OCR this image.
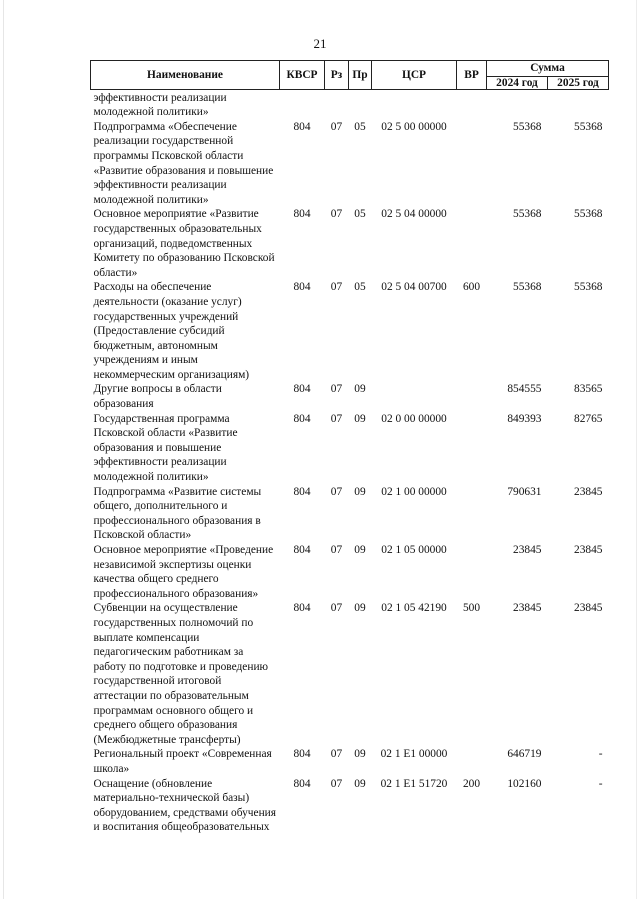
21
Наименование	КВСР	Рз	Пр	ЦСР	ВР	Сумма	
						2024 год	2025 год
эффективности реализации молодежной политики»							
Подпрограмма «Обеспечение реализации государственной программы Псковской области «Развитие образования и повышение эффективности реализации молодежной политики»	804	07	05	02 5 00 00000		55368	55368
Основное мероприятие «Развитие государственных образовательных организаций, подведомственных Комитету по образованию Псковской области»	804	07	05	02 5 04 00000		55368	55368
Расходы на обеспечение деятельности (оказание услуг) государственных учреждений (Предоставление субсидий бюджетным, автономным учреждениям и иным некоммерческим организациям)	804	07	05	02 5 04 00700	600	55368	55368
Другие вопросы в области образования	804	07	09			854555	83565
Государственная программа Псковской области «Развитие образования и повышение эффективности реализации молодежной политики»	804	07	09	02 0 00 00000		849393	82765
Подпрограмма «Развитие системы общего, дополнительного и профессионального образования в Псковской области»	804	07	09	02 1 00 00000		790631	23845
Основное мероприятие «Проведение независимой экспертизы оценки качества общего среднего профессионального образования»	804	07	09	02 1 05 00000		23845	23845
Субвенции на осуществление государственных полномочий по выплате компенсации педагогическим работникам за работу по подготовке и проведению государственной итоговой аттестации по образовательным программам основного общего и среднего общего образования (Межбюджетные трансферты)	804	07	09	02 1 05 42190	500	23845	23845
Региональный проект «Современная школа»	804	07	09	02 1 E1 00000		646719	-
Оснащение (обновление материально-технической базы) оборудованием, средствами обучения и воспитания общеобразовательных	804	07	09	02 1 E1 51720	200	102160	-
